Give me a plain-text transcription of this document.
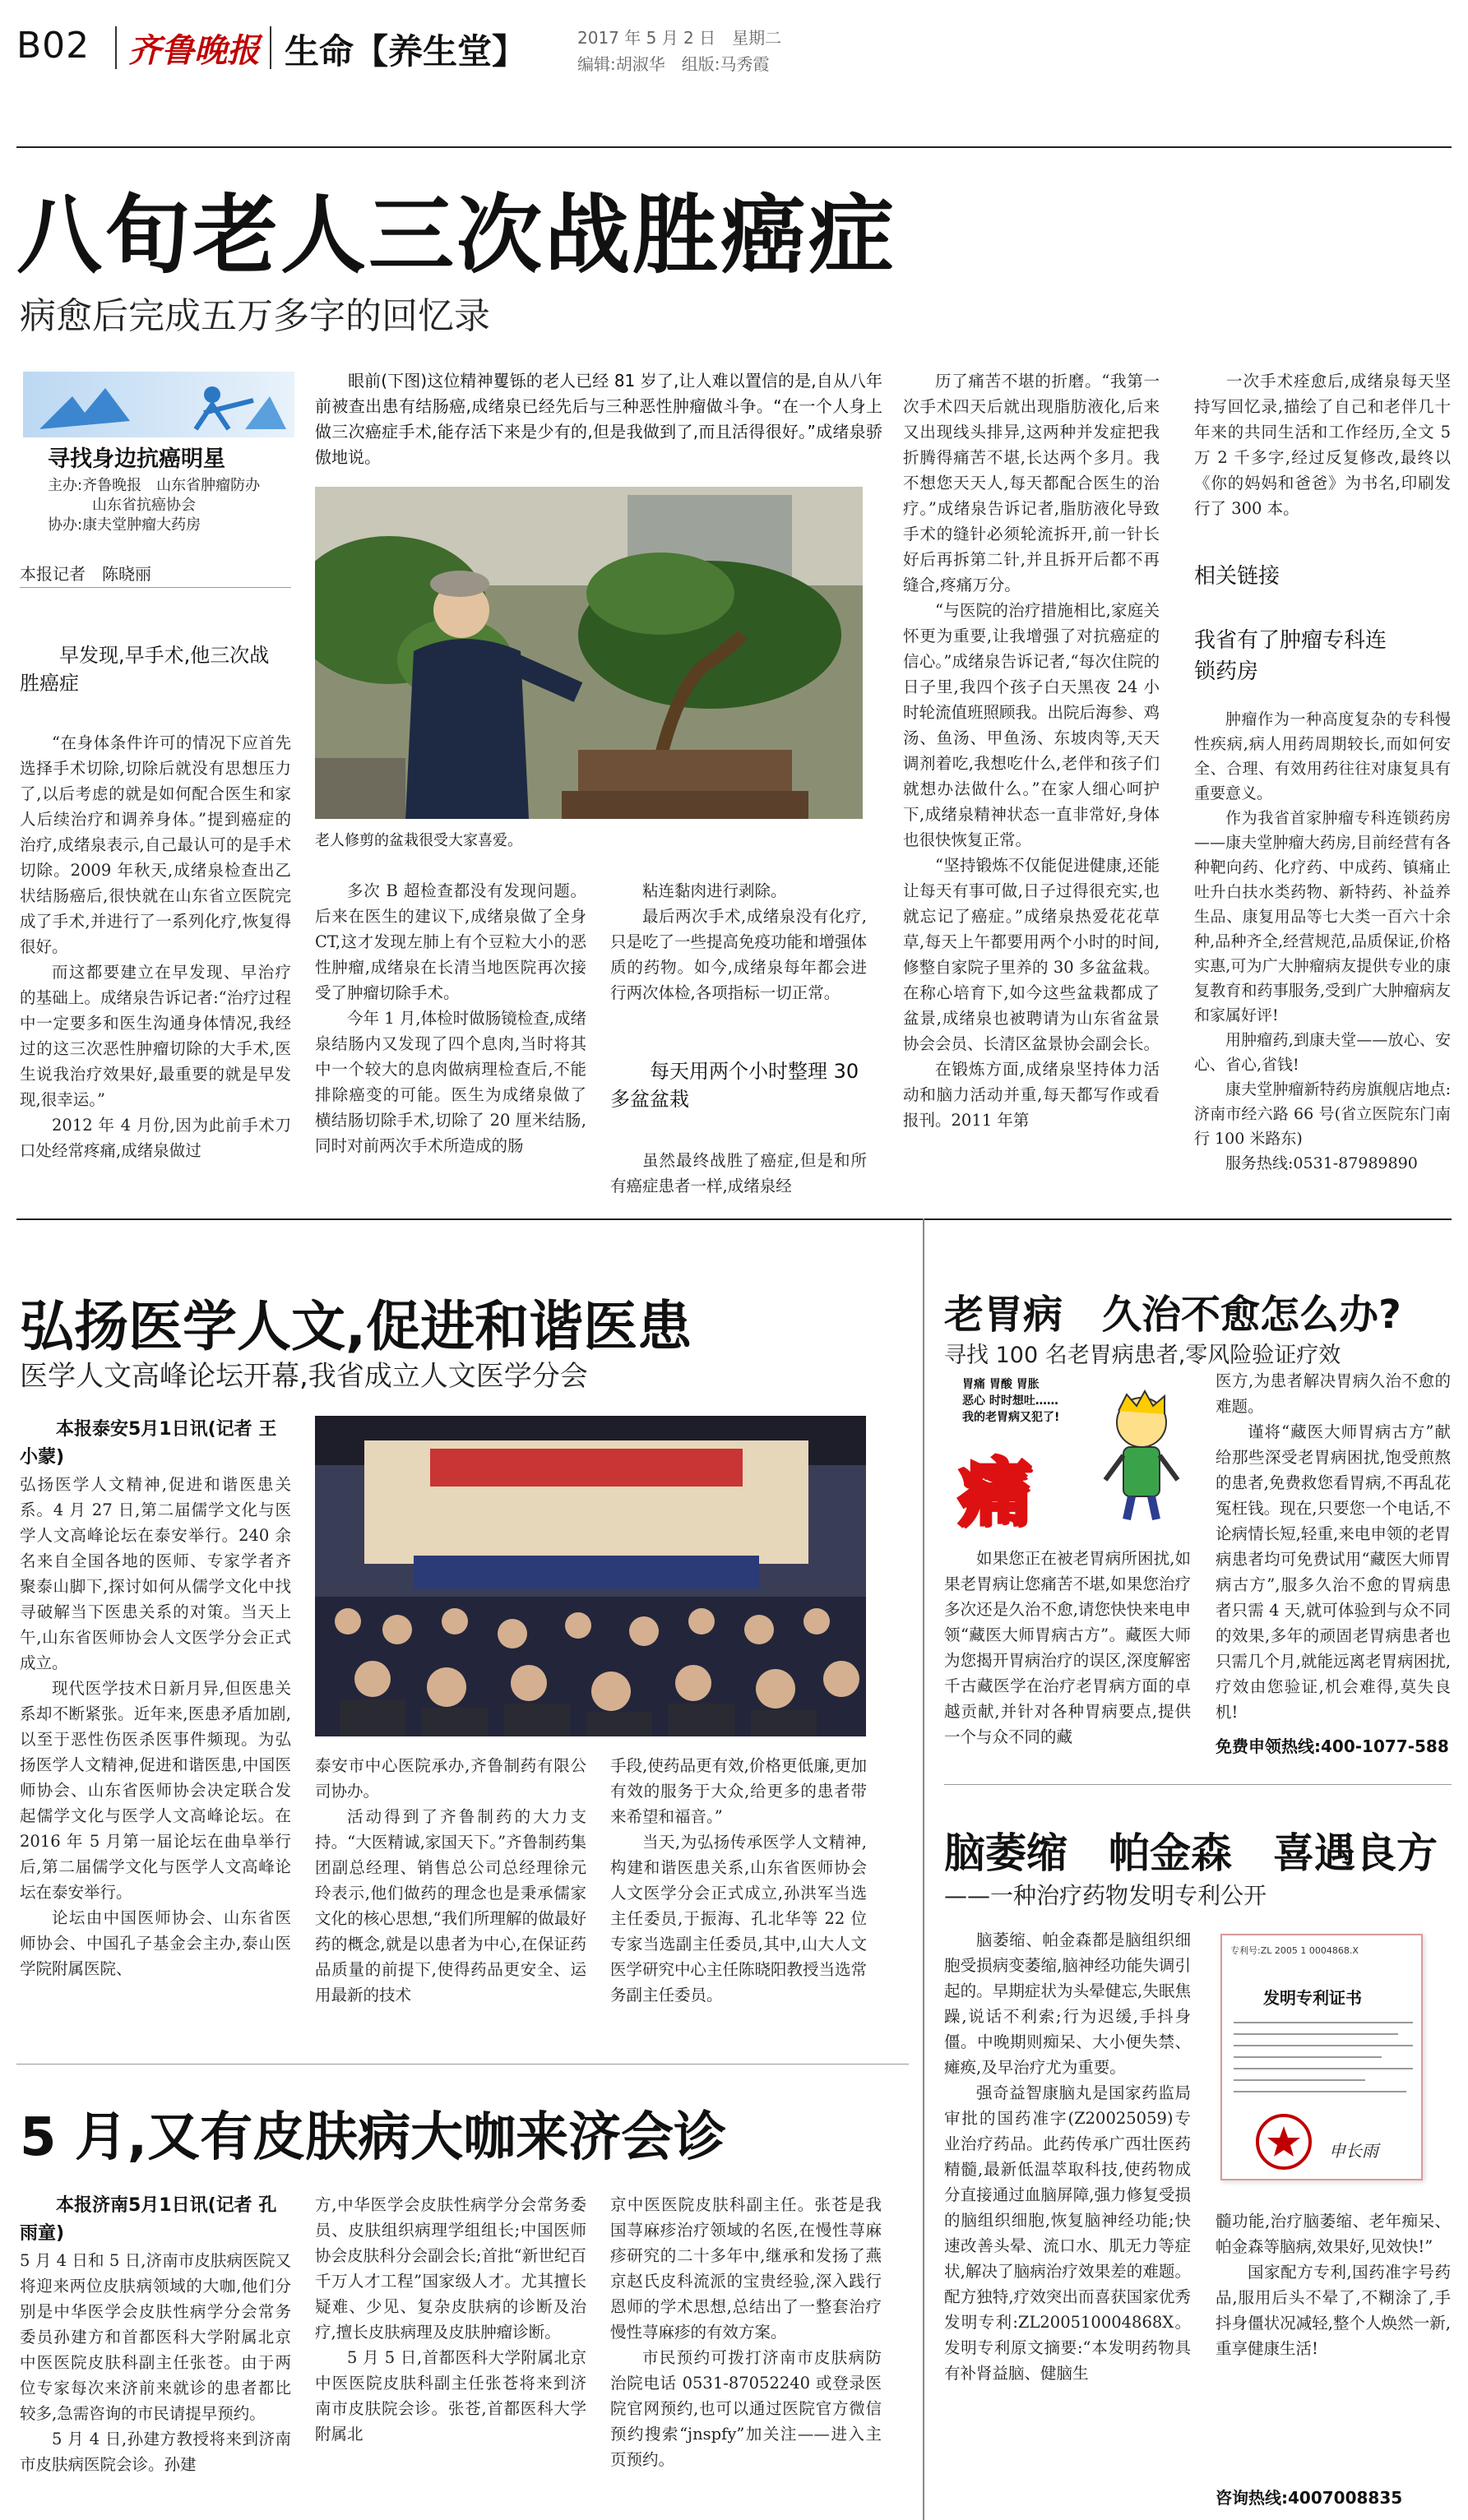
B02 齐鲁晚报 生命【养生堂】	2017 年 5 月 2 日　星期二
编辑:胡淑华　组版:马秀霞
八旬老人三次战胜癌症
病愈后完成五万多字的回忆录
寻找身边抗癌明星
主办:齐鲁晚报　山东省肿瘤防办
山东省抗癌协会
协办:康夫堂肿瘤大药房
本报记者　陈晓丽
早发现,早手术,他三次战胜癌症

“在身体条件许可的情况下应首先选择手术切除,切除后就没有思想压力了,以后考虑的就是如何配合医生和家人后续治疗和调养身体。”提到癌症的治疗,成绪泉表示,自己最认可的是手术切除。2009 年秋天,成绪泉检查出乙状结肠癌后,很快就在山东省立医院完成了手术,并进行了一系列化疗,恢复得很好。

而这都要建立在早发现、早治疗的基础上。成绪泉告诉记者:“治疗过程中一定要多和医生沟通身体情况,我经过的这三次恶性肿瘤切除的大手术,医生说我治疗效果好,最重要的就是早发现,很幸运。”

2012 年 4 月份,因为此前手术刀口处经常疼痛,成绪泉做过

眼前(下图)这位精神矍铄的老人已经 81 岁了,让人难以置信的是,自从八年前被查出患有结肠癌,成绪泉已经先后与三种恶性肿瘤做斗争。“在一个人身上做三次癌症手术,能存活下来是少有的,但是我做到了,而且活得很好。”成绪泉骄傲地说。
老人修剪的盆栽很受大家喜爱。

多次 B 超检查都没有发现问题。后来在医生的建议下,成绪泉做了全身 CT,这才发现左肺上有个豆粒大小的恶性肿瘤,成绪泉在长清当地医院再次接受了肿瘤切除手术。

今年 1 月,体检时做肠镜检查,成绪泉结肠内又发现了四个息肉,当时将其中一个较大的息肉做病理检查后,不能排除癌变的可能。医生为成绪泉做了横结肠切除手术,切除了 20 厘米结肠,同时对前两次手术所造成的肠

粘连黏肉进行剥除。

最后两次手术,成绪泉没有化疗,只是吃了一些提高免疫功能和增强体质的药物。如今,成绪泉每年都会进行两次体检,各项指标一切正常。

每天用两个小时整理 30 多盆盆栽

虽然最终战胜了癌症,但是和所有癌症患者一样,成绪泉经

历了痛苦不堪的折磨。“我第一次手术四天后就出现脂肪液化,后来又出现线头排异,这两种并发症把我折腾得痛苦不堪,长达两个多月。我不想您天天人,每天都配合医生的治疗。”成绪泉告诉记者,脂肪液化导致手术的缝针必须轮流拆开,前一针长好后再拆第二针,并且拆开后都不再缝合,疼痛万分。

“与医院的治疗措施相比,家庭关怀更为重要,让我增强了对抗癌症的信心。”成绪泉告诉记者,“每次住院的日子里,我四个孩子白天黑夜 24 小时轮流值班照顾我。出院后海参、鸡汤、鱼汤、甲鱼汤、东坡肉等,天天调剂着吃,我想吃什么,老伴和孩子们就想办法做什么。”在家人细心呵护下,成绪泉精神状态一直非常好,身体也很快恢复正常。

“坚持锻炼不仅能促进健康,还能让每天有事可做,日子过得很充实,也就忘记了癌症。”成绪泉热爱花花草草,每天上午都要用两个小时的时间,修整自家院子里养的 30 多盆盆栽。在称心培育下,如今这些盆栽都成了盆景,成绪泉也被聘请为山东省盆景协会会员、长清区盆景协会副会长。

在锻炼方面,成绪泉坚持体力活动和脑力活动并重,每天都写作或看报刊。2011 年第

一次手术痊愈后,成绪泉每天坚持写回忆录,描绘了自己和老伴几十年来的共同生活和工作经历,全文 5 万 2 千多字,经过反复修改,最终以《你的妈妈和爸爸》为书名,印刷发行了 300 本。

相关链接
我省有了肿瘤专科连锁药房

肿瘤作为一种高度复杂的专科慢性疾病,病人用药周期较长,而如何安全、合理、有效用药往往对康复具有重要意义。

作为我省首家肿瘤专科连锁药房——康夫堂肿瘤大药房,目前经营有各种靶向药、化疗药、中成药、镇痛止吐升白扶水类药物、新特药、补益养生品、康复用品等七大类一百六十余种,品种齐全,经营规范,品质保证,价格实惠,可为广大肿瘤病友提供专业的康复教育和药事服务,受到广大肿瘤病友和家属好评!

用肿瘤药,到康夫堂——放心、安心、省心,省钱!

康夫堂肿瘤新特药房旗舰店地点:济南市经六路 66 号(省立医院东门南行 100 米路东)

服务热线:0531-87989890

弘扬医学人文,促进和谐医患
医学人文高峰论坛开幕,我省成立人文医学分会
本报泰安5月1日讯(记者 王小蒙)

弘扬医学人文精神,促进和谐医患关系。4 月 27 日,第二届儒学文化与医学人文高峰论坛在泰安举行。240 余名来自全国各地的医师、专家学者齐聚泰山脚下,探讨如何从儒学文化中找寻破解当下医患关系的对策。当天上午,山东省医师协会人文医学分会正式成立。

现代医学技术日新月异,但医患关系却不断紧张。近年来,医患矛盾加剧,以至于恶性伤医杀医事件频现。为弘扬医学人文精神,促进和谐医患,中国医师协会、山东省医师协会决定联合发起儒学文化与医学人文高峰论坛。在 2016 年 5 月第一届论坛在曲阜举行后,第二届儒学文化与医学人文高峰论坛在泰安举行。

论坛由中国医师协会、山东省医师协会、中国孔子基金会主办,泰山医学院附属医院、

泰安市中心医院承办,齐鲁制药有限公司协办。

活动得到了齐鲁制药的大力支持。“大医精诚,家国天下。”齐鲁制药集团副总经理、销售总公司总经理徐元玲表示,他们做药的理念也是秉承儒家文化的核心思想,“我们所理解的做最好药的概念,就是以患者为中心,在保证药品质量的前提下,使得药品更安全、运用最新的技术

手段,使药品更有效,价格更低廉,更加有效的服务于大众,给更多的患者带来希望和福音。”

当天,为弘扬传承医学人文精神,构建和谐医患关系,山东省医师协会人文医学分会正式成立,孙洪军当选主任委员,于振海、孔北华等 22 位专家当选副主任委员,其中,山大人文医学研究中心主任陈晓阳教授当选常务副主任委员。

5 月,又有皮肤病大咖来济会诊
本报济南5月1日讯(记者 孔雨童)

5 月 4 日和 5 日,济南市皮肤病医院又将迎来两位皮肤病领域的大咖,他们分别是中华医学会皮肤性病学分会常务委员孙建方和首都医科大学附属北京中医医院皮肤科副主任张苍。由于两位专家每次来济前来就诊的患者都比较多,急需咨询的市民请提早预约。

5 月 4 日,孙建方教授将来到济南市皮肤病医院会诊。孙建

方,中华医学会皮肤性病学分会常务委员、皮肤组织病理学组组长;中国医师协会皮肤科分会副会长;首批“新世纪百千万人才工程”国家级人才。尤其擅长疑难、少见、复杂皮肤病的诊断及治疗,擅长皮肤病理及皮肤肿瘤诊断。

5 月 5 日,首都医科大学附属北京中医医院皮肤科副主任张苍将来到济南市皮肤院会诊。张苍,首都医科大学附属北

京中医医院皮肤科副主任。张苍是我国荨麻疹治疗领域的名医,在慢性荨麻疹研究的二十多年中,继承和发扬了燕京赵氏皮科流派的宝贵经验,深入践行恩师的学术思想,总结出了一整套治疗慢性荨麻疹的有效方案。

市民预约可拨打济南市皮肤病防治院电话 0531-87052240 或登录医院官网预约,也可以通过医院官方微信预约搜索“jnspfy”加关注——进入主页预约。

老胃病　久治不愈怎么办?
寻找 100 名老胃病患者,零风险验证疗效
胃痛 胃酸 胃胀
恶心 时时想吐……
我的老胃病又犯了!
痛

如果您正在被老胃病所困扰,如果老胃病让您痛苦不堪,如果您治疗多次还是久治不愈,请您快快来电申领“藏医大师胃病古方”。藏医大师为您揭开胃病治疗的误区,深度解密千古藏医学在治疗老胃病方面的卓越贡献,并针对各种胃病要点,提供一个与众不同的藏

医方,为患者解决胃病久治不愈的难题。

谨将“藏医大师胃病古方”献给那些深受老胃病困扰,饱受煎熬的患者,免费救您看胃病,不再乱花冤枉钱。现在,只要您一个电话,不论病情长短,轻重,来电申领的老胃病患者均可免费试用“藏医大师胃病古方”,服多久治不愈的胃病患者只需 4 天,就可体验到与众不同的效果,多年的顽固老胃病患者也只需几个月,就能远离老胃病困扰,疗效由您验证,机会难得,莫失良机!

免费申领热线:400-1077-588
脑萎缩　帕金森　喜遇良方
——一种治疗药物发明专利公开

脑萎缩、帕金森都是脑组织细胞受损病变萎缩,脑神经功能失调引起的。早期症状为头晕健忘,失眠焦躁,说话不利索;行为迟缓,手抖身僵。中晚期则痴呆、大小便失禁、瘫痪,及早治疗尤为重要。

强奇益智康脑丸是国家药监局审批的国药准字(Z20025059)专业治疗药品。此药传承广西壮医药精髓,最新低温萃取科技,使药物成分直接通过血脑屏障,强力修复受损的脑组织细胞,恢复脑神经功能;快速改善头晕、流口水、肌无力等症状,解决了脑病治疗效果差的难题。配方独特,疗效突出而喜获国家优秀发明专利:ZL200510004868X。发明专利原文摘要:“本发明药物具有补肾益脑、健脑生

专利号:ZL 2005 1 0004868.X
发明专利证书
申长雨

髓功能,治疗脑萎缩、老年痴呆、帕金森等脑病,效果好,见效快!”

国家配方专利,国药准字号药品,服用后头不晕了,不糊涂了,手抖身僵状况减轻,整个人焕然一新,重享健康生活!

咨询热线:4007008835
